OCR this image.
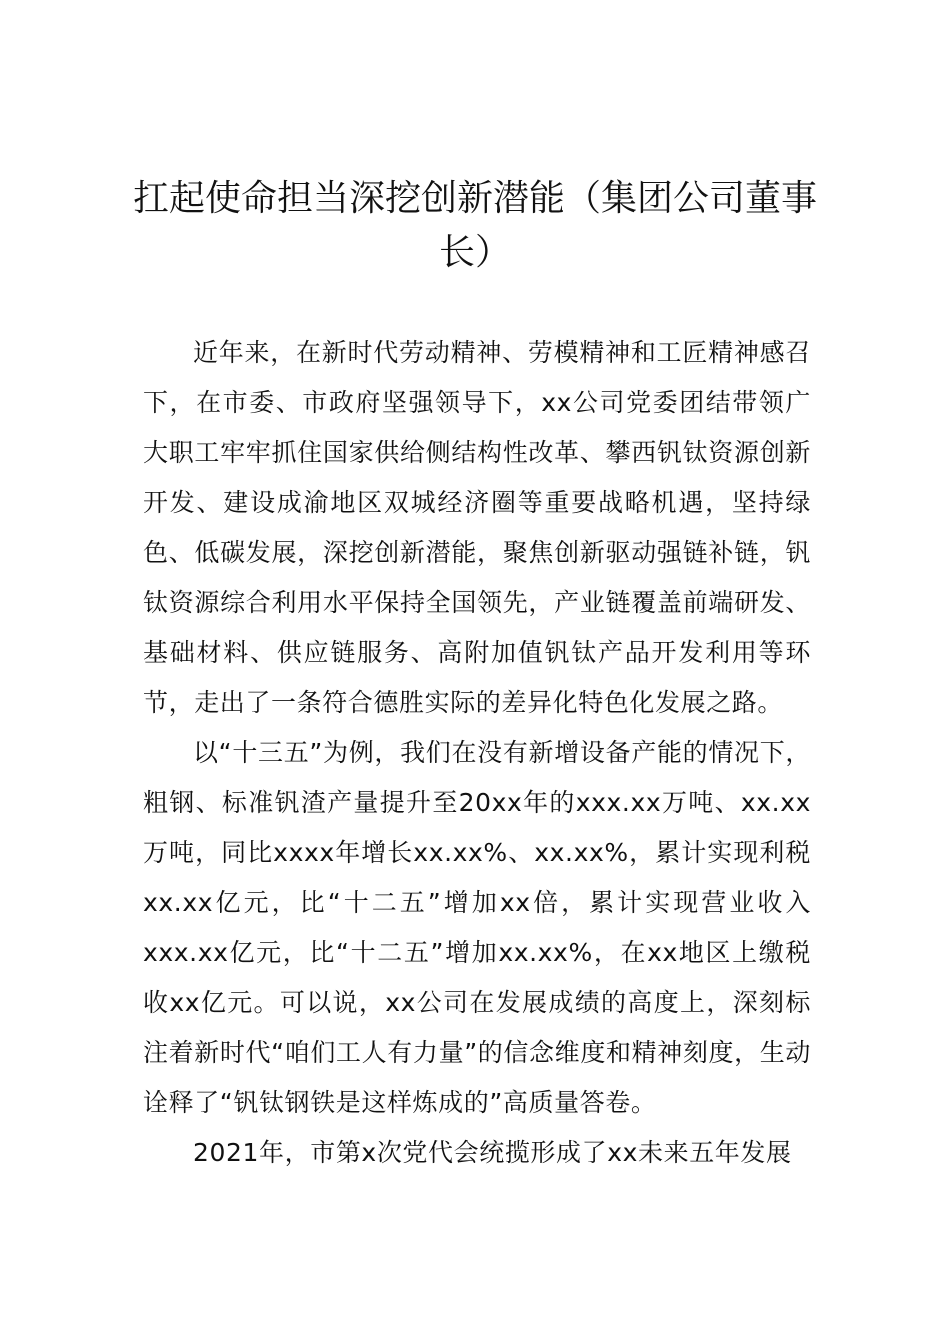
扛起使命担当深挖创新潜能（集团公司董事长）

近年来，在新时代劳动精神、劳模精神和工匠精神感召下，在市委、市政府坚强领导下，xx公司党委团结带领广大职工牢牢抓住国家供给侧结构性改革、攀西钒钛资源创新开发、建设成渝地区双城经济圈等重要战略机遇，坚持绿色、低碳发展，深挖创新潜能，聚焦创新驱动强链补链，钒钛资源综合利用水平保持全国领先，产业链覆盖前端研发、基础材料、供应链服务、高附加值钒钛产品开发利用等环节，走出了一条符合德胜实际的差异化特色化发展之路。

以“十三五”为例，我们在没有新增设备产能的情况下，粗钢、标准钒渣产量提升至20xx年的xxx.xx万吨、xx.xx万吨，同比xxxx年增长xx.xx%、xx.xx%，累计实现利税xx.xx亿元，比“十二五”增加xx倍，累计实现营业收入xxx.xx亿元，比“十二五”增加xx.xx%，在xx地区上缴税收xx亿元。可以说，xx公司在发展成绩的高度上，深刻标注着新时代“咱们工人有力量”的信念维度和精神刻度，生动诠释了“钒钛钢铁是这样炼成的”高质量答卷。

2021年，市第x次党代会统揽形成了xx未来五年发展
